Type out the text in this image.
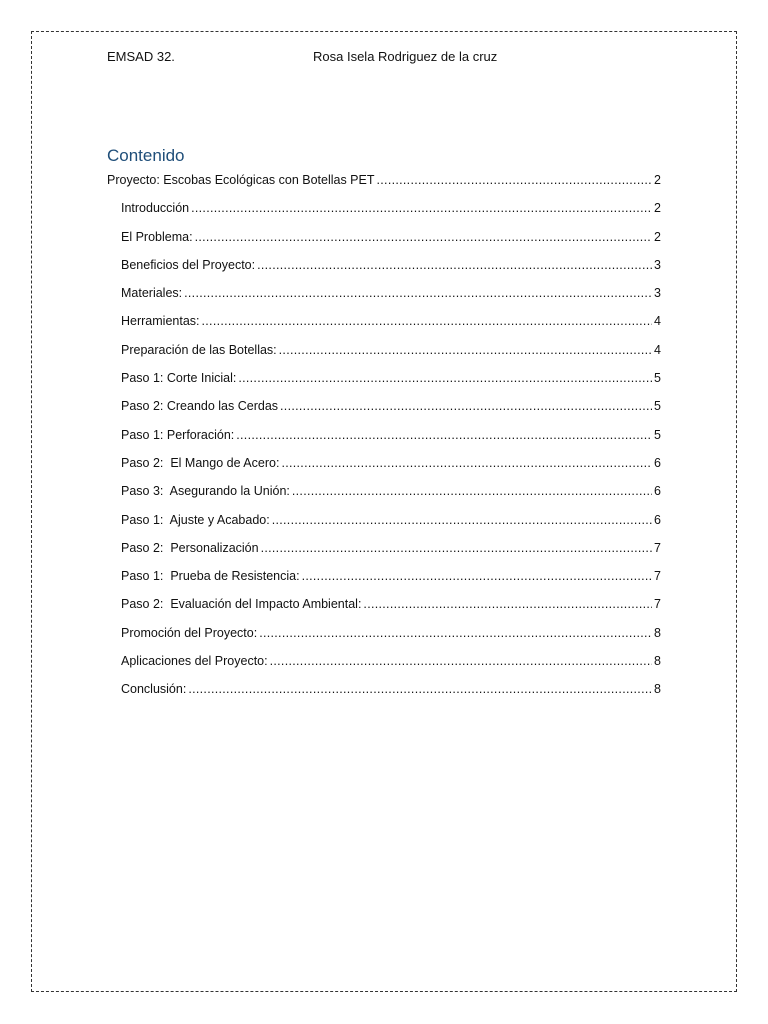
EMSAD 32.	Rosa Isela Rodriguez de la cruz
Contenido
Proyecto: Escobas Ecológicas con Botellas PET .....	2
Introducción .....	2
El Problema: .....	2
Beneficios del Proyecto: .....	3
Materiales: .....	3
Herramientas: .....	4
Preparación de las Botellas: .....	4
Paso 1: Corte Inicial: .....	5
Paso 2: Creando las Cerdas .....	5
Paso 1: Perforación: .....	5
Paso 2:  El Mango de Acero: .....	6
Paso 3:  Asegurando la Unión: .....	6
Paso 1:  Ajuste y Acabado: .....	6
Paso 2:  Personalización .....	7
Paso 1:  Prueba de Resistencia: .....	7
Paso 2:  Evaluación del Impacto Ambiental: .....	7
Promoción del Proyecto: .....	8
Aplicaciones del Proyecto: .....	8
Conclusión: .....	8
